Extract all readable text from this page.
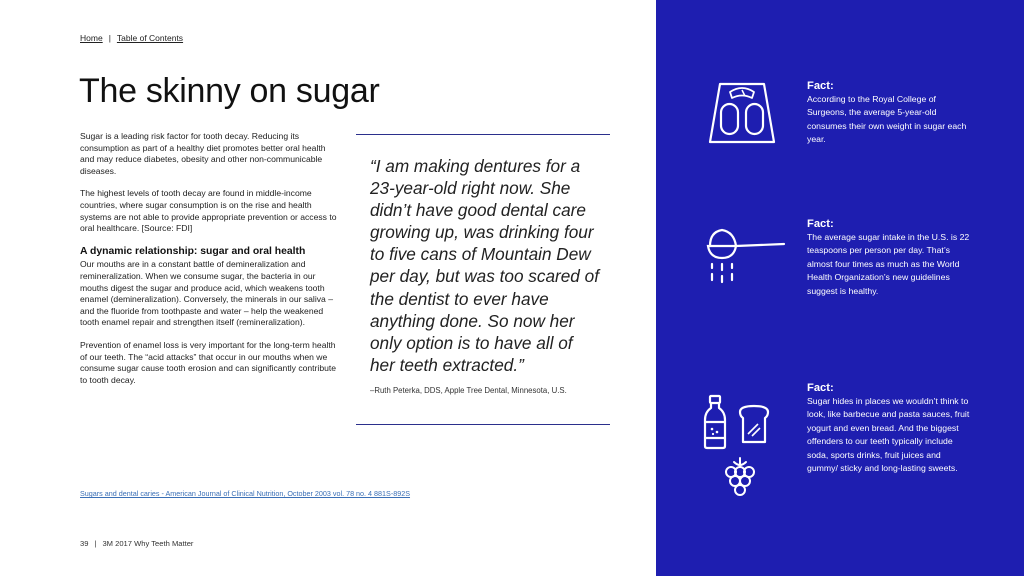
Home | Table of Contents
The skinny on sugar

Sugar is a leading risk factor for tooth decay. Reducing its consumption as part of a healthy diet promotes better oral health and may reduce diabetes, obesity and other non-communicable diseases.

The highest levels of tooth decay are found in middle-income countries, where sugar consumption is on the rise and health systems are not able to provide appropriate prevention or access to oral healthcare. [Source: FDI]

A dynamic relationship: sugar and oral health

Our mouths are in a constant battle of demineralization and remineralization. When we consume sugar, the bacteria in our mouths digest the sugar and produce acid, which weakens tooth enamel (demineralization). Conversely, the minerals in our saliva – and the fluoride from toothpaste and water – help the weakened tooth enamel repair and strengthen itself (remineralization).

Prevention of enamel loss is very important for the long-term health of our teeth. The “acid attacks” that occur in our mouths when we consume sugar cause tooth erosion and can significantly contribute to tooth decay.

“I am making dentures for a 23-year-old right now. She didn’t have good dental care growing up, was drinking four to five cans of Mountain Dew per day, but was too scared of the dentist to ever have anything done. So now her only option is to have all of her teeth extracted.”
–Ruth Peterka, DDS, Apple Tree Dental, Minnesota, U.S.
Sugars and dental caries - American Journal of Clinical Nutrition, October 2003 vol. 78 no. 4 881S-892S
39 | 3M 2017 Why Teeth Matter
Fact:

According to the Royal College of Surgeons, the average 5-year-old consumes their own weight in sugar each year.

Fact:

The average sugar intake in the U.S. is 22 teaspoons per person per day. That’s almost four times as much as the World Health Organization’s new guidelines suggest is healthy.

Fact:

Sugar hides in places we wouldn’t think to look, like barbecue and pasta sauces, fruit yogurt and even bread. And the biggest offenders to our teeth typically include soda, sports drinks, fruit juices and gummy/ sticky and long-lasting sweets.
